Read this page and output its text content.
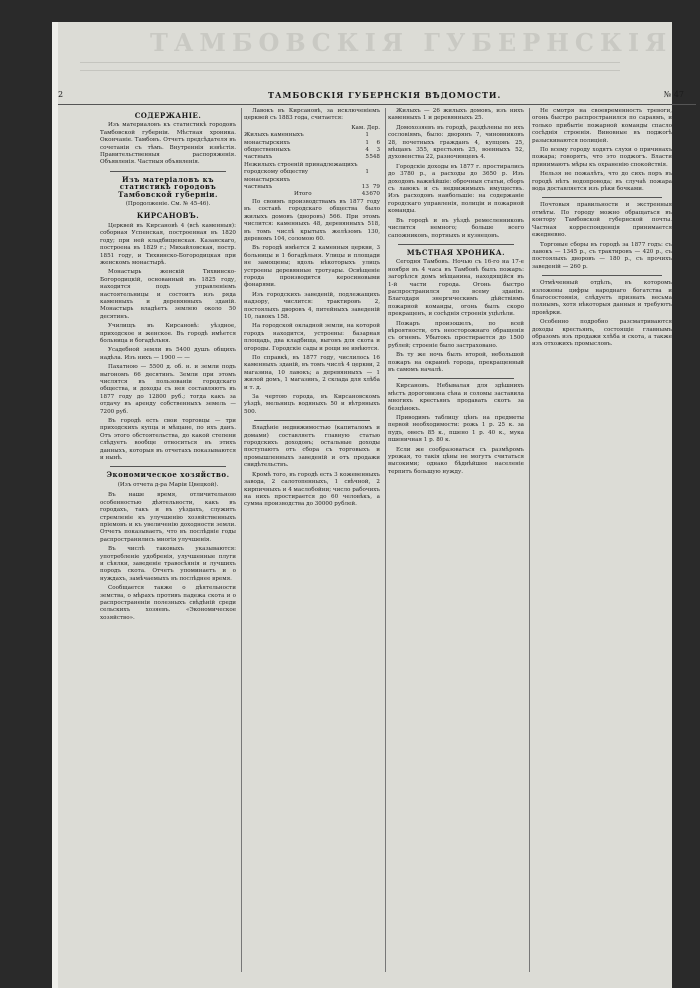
ТАМБОВСКІЯ ГУБЕРНСКІЯ
2	ТАМБОВСКІЯ ГУБЕРНСКІЯ ВѢДОМОСТИ.	№ 47
СОДЕРЖАНІЕ.

Изъ материаловъ къ статистикѣ городовъ Тамбовской губерніи. Мѣстная хроника. Окончаніе. Тамбовъ. Отчетъ предсѣдателя въ сочетаніи съ тѣмъ. Внутреннія извѣстія. Правительственныя распоряженія. Объявленія. Частныя объявленія.

Изъ матеріаловъ къ статистикѣ городовъ Тамбовской губерніи.
(Продолженіе. См. № 45-46).
КИРСАНОВЪ.

Церквей въ Кирсановѣ 4 (всѣ каменныя): соборная Успенская, построенная въ 1820 году; при ней кладбищенская. Казанскаго, построена въ 1829 г.; Михайловская, постр. 1851 году, и Тихвинско-Богородицкая при женскомъ монастырѣ.

Монастырь женскій Тихвинско-Богородицкій, основанный въ 1825 году, находится подъ управленіемъ настоятельницы и состоитъ изъ ряда каменныхъ и деревянныхъ зданій. Монастырь владѣетъ землею около 50 десятинъ.

Училищъ въ Кирсановѣ: уѣздное, приходское и женское. Въ городѣ имѣется больница и богадѣльня.

Усадебной земли въ 5400 душъ общихъ надѣла. Изъ нихъ — 1900 — —

Пахатною — 5500 д. об. н. и земли подъ выгономъ 66 десятинъ. Земли при этомъ числятся въ пользованіи городскаго общества, и доходы съ нея составляютъ въ 1877 году до 12800 руб.; тогда какъ за отдачу въ аренду собственныхъ земель — 7200 руб.

Въ городѣ есть свои торговцы — три приходскихъ купца и мѣщане, по ихъ данъ. Отъ этого обстоятельства, до какой степени слѣдуетъ вообще относиться въ этихъ данныхъ, которыя въ отчетахъ показываются и нынѣ.

Экономическое хозяйство.
(Изъ отчета д-ра Марiи Цвецкой).

Въ наше время, отличительною особенностью дѣятельности, какъ въ городахъ, такъ и въ уѣздахъ, служитъ стремленіе къ улучшенію хозяйственныхъ пріемовъ и къ увеличенію доходности земли. Отчетъ показываетъ, что въ послѣдніе годы распространились многія улучшенія.

Въ числѣ таковыхъ указываются: употребленіе удобренія, улучшенные плуги и сѣялки, заведеніе травосѣянія и лучшихъ породъ скота. Отчетъ упоминаетъ и о нуждахъ, замѣчаемыхъ въ послѣднее время.

Сообщается также о дѣятельности земства, о мѣрахъ противъ падежа скота и о распространеніи полезныхъ свѣдѣній среди сельскихъ хозяевъ. «Экономическое хозяйство».

Лавокъ въ Кирсановѣ, за исключеніемъ церквей съ 1883 года, считается:

Кам. Дер.
Жилыхъ каменныхъ	1	
монастырскихъ	1	6
общественныхъ	4	3
частныхъ	5	548
Нежилыхъ строеній принадлежащихъ		
городскому обществу	1	
монастырскихъ		
частныхъ	13	79
Итого	43	670

По своимъ производствамъ въ 1877 году въ составѣ городскаго общества было жилыхъ домовъ (дворовъ) 566. При этомъ числится: каменныхъ 48, деревянныхъ 518, въ томъ числѣ крытыхъ желѣзомъ 130, деревомъ 104, соломою 60.

Въ городѣ имѣется 2 каменныя церкви, 3 больницы и 1 богадѣльня. Улицы и площади не замощены; вдоль нѣкоторыхъ улицъ устроены деревянные тротуары. Освѣщеніе города производится керосиновыми фонарями.

Изъ городскихъ заведеній, подлежащихъ надзору, числится: трактировъ 2, постоялыхъ дворовъ 4, питейныхъ заведеній 10, лавокъ 158.

На городской окладной земли, на которой городъ находится, устроены: базарная площадь, два кладбища, выгонъ для скота и огороды. Городскіе сады и рощи не имѣются.

По справкѣ, въ 1877 году, числилось 16 каменныхъ зданій, въ томъ числѣ 4 церкви, 2 магазина, 10 лавокъ; а деревянныхъ — 1 жилой домъ, 1 магазинъ, 2 склада для хлѣба и т. д.

За чертою города, въ Кирсановскомъ уѣздѣ, мельницъ водяныхъ 50 и вѣтряныхъ 500.

Владѣніе недвижимостью (капиталомъ и домами) составляетъ главную статью городскихъ доходовъ; остальные доходы поступаютъ отъ сбора съ торговыхъ и промышленныхъ заведеній и отъ продажи свидѣтельствъ.

Кромѣ того, въ городѣ есть 3 кожевенныхъ завода, 2 салотопенныхъ, 1 свѣчной, 2 кирпичныхъ и 4 маслобойни; число рабочихъ на нихъ простирается до 60 человѣкъ, а сумма производства до 30000 рублей.

Жилыхъ — 26 жилыхъ домовъ, изъ нихъ каменныхъ 1 и деревянныхъ 25.

Домохозяевъ въ городѣ, раздѣлены по ихъ сословіямъ, было: дворянъ 7, чиновниковъ 28, почетныхъ гражданъ 4, купцовъ 25, мѣщанъ 355, крестьянъ 25, военныхъ 52, духовенства 22, разночинцевъ 4.

Городскіе доходы въ 1877 г. простирались до 3780 р., а расходы до 3650 р. Изъ доходовъ важнѣйшіе: оброчныя статьи, сборъ съ лавокъ и съ недвижимыхъ имуществъ. Изъ расходовъ наибольшіе: на содержаніе городскаго управленія, полиціи и пожарной команды.

Въ городѣ и въ уѣздѣ ремесленниковъ числится немного; больше всего сапожниковъ, портныхъ и кузнецовъ.

МѢСТНАЯ ХРОНИКА.

Сегодня Тамбовъ. Ночью съ 16-го на 17-е ноября въ 4 часа въ Тамбовѣ былъ пожаръ: загорѣлся домъ мѣщанина, находящійся въ 1-й части города. Огонь быстро распространился по всему зданію. Благодаря энергическимъ дѣйствіямъ пожарной команды, огонь былъ скоро прекращенъ, и сосѣднія строенія уцѣлѣли.

Пожаръ произошелъ, по всей вѣроятности, отъ неосторожнаго обращенія съ огнемъ. Убытокъ простирается до 1500 рублей; строеніе было застраховано.

Въ ту же ночь былъ второй, небольшой пожаръ на окраинѣ города, прекращенный въ самомъ началѣ.

Кирсановъ. Небывалая для здѣшнихъ мѣстъ дороговизна сѣна и соломы заставила многихъ крестьянъ продавать скотъ за безцѣнокъ.

Приводимъ таблицу цѣнъ на предметы первой необходимости: рожь 1 р. 25 к. за пудъ, овесъ 85 к., пшено 1 р. 40 к., мука пшеничная 1 р. 80 к.

Если же сообразоваться съ размѣромъ урожая, то такія цѣны не могутъ считаться высокими; однако бѣднѣйшее населеніе терпитъ большую нужду.

Не смотря на своевременность тревоги, огонь быстро распространился по сараямъ, и только прибытіе пожарной команды спасло сосѣднія строенія. Виновные въ поджогѣ разыскиваются полиціей.

По всему городу ходятъ слухи о причинахъ пожара; говорятъ, что это поджогъ. Власти принимаютъ мѣры къ охраненію спокойствія.

Нельзя не пожалѣть, что до сихъ поръ въ городѣ нѣтъ водопровода; въ случаѣ пожара вода доставляется изъ рѣки бочками.

Почтовыя правильности и экстренныя отмѣты. По городу можно обращаться въ контору Тамбовской губернской почты. Частная корреспонденція принимается ежедневно.

Торговые сборы въ городѣ за 1877 годъ: съ лавокъ — 1345 р., съ трактировъ — 420 р., съ постоялыхъ дворовъ — 180 р., съ прочихъ заведеній — 260 р.

Отмѣченный отдѣлъ, въ которомъ изложены цифры народнаго богатства и благосостоянія, слѣдуетъ признать весьма полнымъ, хотя нѣкоторыя данныя и требуютъ провѣрки.

Особенно подробно разсматриваются доходы крестьянъ, состоящіе главнымъ образомъ изъ продажи хлѣба и скота, а также изъ отхожихъ промысловъ.
